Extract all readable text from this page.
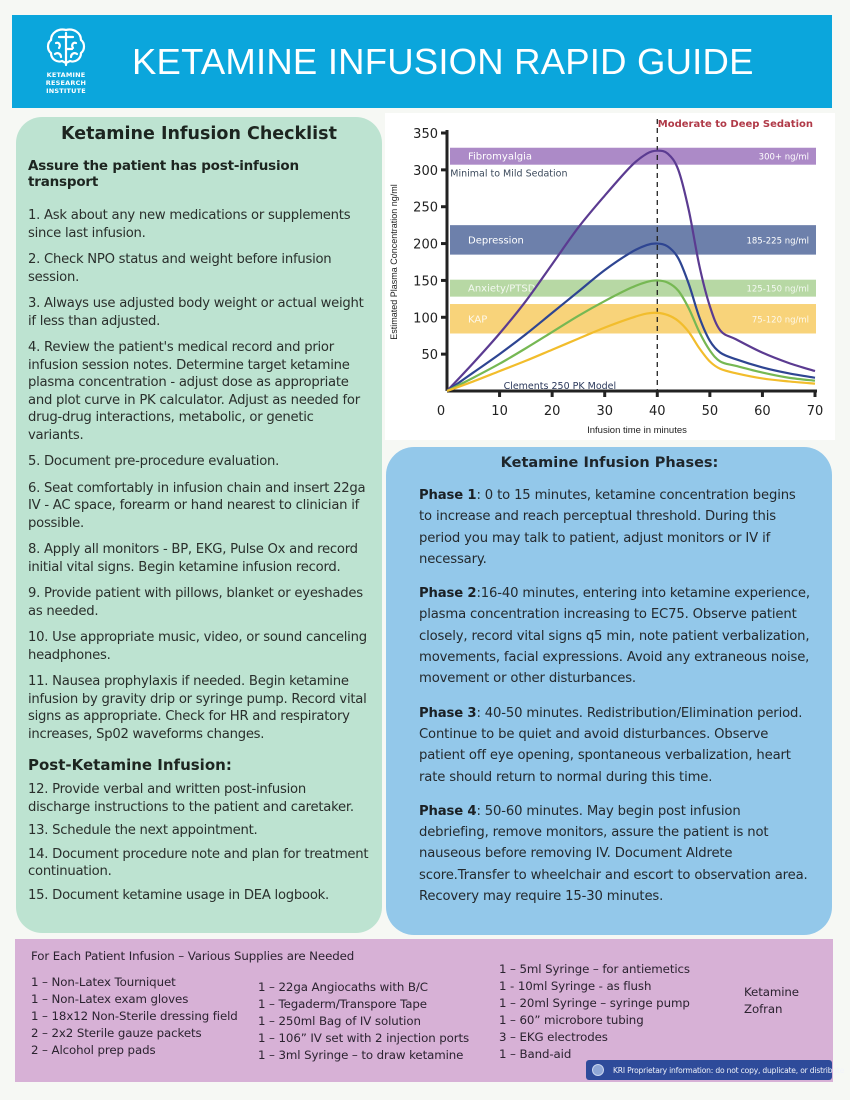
KETAMINE
RESEARCH
INSTITUTE
KETAMINE INFUSION RAPID GUIDE
Ketamine Infusion Checklist
Assure the patient has post-infusion transport
1. Ask about any new medications or supplements since last infusion.
2. Check NPO status and weight before infusion session.
3. Always use adjusted body weight or actual weight if less than adjusted.
4. Review the patient's medical record and prior infusion session notes. Determine target ketamine plasma concentration - adjust dose as appropriate and plot curve in PK calculator. Adjust as needed for drug-drug interactions, metabolic, or genetic variants.
5. Document pre-procedure evaluation.
6. Seat comfortably in infusion chain and insert 22ga IV - AC space, forearm or hand nearest to clinician if possible.
8. Apply all monitors - BP, EKG, Pulse Ox and record initial vital signs. Begin ketamine infusion record.
9. Provide patient with pillows, blanket or eyeshades as needed.
10. Use appropriate music, video, or sound canceling headphones.
11. Nausea prophylaxis if needed. Begin ketamine infusion by gravity drip or syringe pump. Record vital signs as appropriate. Check for HR and respiratory increases, Sp02 waveforms changes.
Post-Ketamine Infusion:
12. Provide verbal and written post-infusion discharge instructions to the patient and caretaker.
13. Schedule the next appointment.
14. Document procedure note and plan for treatment continuation.
15. Document ketamine usage in DEA logbook.
Fibromyalgia	300+ ng/ml
Depression	185-225 ng/ml
Anxiety/PTSD	125-150 ng/ml
KAP	75-120 ng/ml
50
100
150
200
250
300
350
0	10	20	30	40	50	60	70
Infusion time in minutes
Estimated Plasma Concentration ng/ml
Moderate to Deep Sedation
Minimal to Mild Sedation
Clements 250 PK Model
Ketamine Infusion Phases:
Phase 1: 0 to 15 minutes, ketamine concentration begins to increase and reach perceptual threshold. During this period you may talk to patient, adjust monitors or IV if necessary.
Phase 2:16-40 minutes, entering into ketamine experience, plasma concentration increasing to EC75. Observe patient closely, record vital signs q5 min, note patient verbalization, movements, facial expressions. Avoid any extraneous noise, movement or other disturbances.
Phase 3: 40-50 minutes. Redistribution/Elimination period. Continue to be quiet and avoid disturbances. Observe patient off eye opening, spontaneous verbalization, heart rate should return to normal during this time.
Phase 4: 50-60 minutes. May begin post infusion debriefing, remove monitors, assure the patient is not nauseous before removing IV. Document Aldrete score.Transfer to wheelchair and escort to observation area. Recovery may require 15-30 minutes.
For Each Patient Infusion – Various Supplies are Needed
1 – Non-Latex Tourniquet
1 – Non-Latex exam gloves
1 – 18x12 Non-Sterile dressing field
2 – 2x2 Sterile gauze packets
2 – Alcohol prep pads
1 – 22ga Angiocaths with B/C
1 – Tegaderm/Transpore Tape
1 – 250ml Bag of IV solution
1 – 106” IV set with 2 injection ports
1 – 3ml Syringe – to draw ketamine
1 – 5ml Syringe – for antiemetics
1 - 10ml Syringe - as flush
1 – 20ml Syringe – syringe pump
1 – 60” microbore tubing
3 – EKG electrodes
1 – Band-aid
Ketamine
Zofran
KRI Proprietary information: do not copy, duplicate, or distribute
